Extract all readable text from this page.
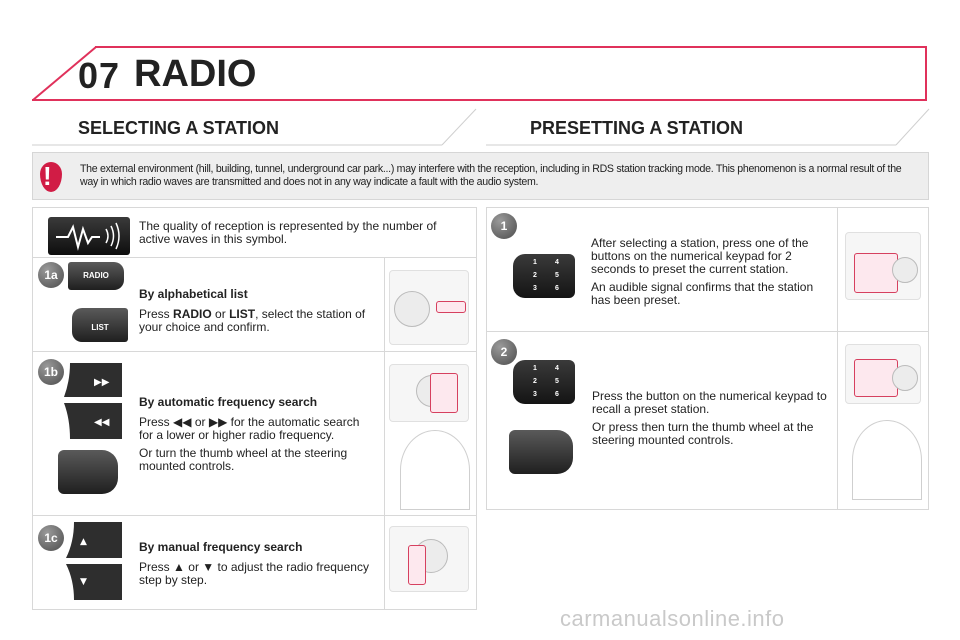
07 RADIO
SELECTING A STATION	PRESETTING A STATION
!	The external environment (hill, building, tunnel, underground car park...) may interfere with the reception, including in RDS station tracking mode. This phenomenon is a normal result of the way in which radio waves are transmitted and does not in any way indicate a fault with the audio system.
The quality of reception is represented by the number of active waves in this symbol.
1a	RADIO
LIST
By alphabetical list

Press RADIO or LIST, select the station of your choice and confirm.

1b
▶▶
◀◀
By automatic frequency search

Press ◀◀ or ▶▶ for the automatic search for a lower or higher radio frequency.

Or turn the thumb wheel at the steering mounted controls.

1c	▲
▼
By manual frequency search

Press ▲ or ▼ to adjust the radio frequency step by step.

1
1	4
2	5
3	6

After selecting a station, press one of the buttons on the numerical keypad for 2 seconds to preset the current station.

An audible signal confirms that the station has been preset.

2
1	4
2	5
3	6	Press the button on the numerical keypad to recall a preset station.

Or press then turn the thumb wheel at the steering mounted controls.

carmanualsonline.info
